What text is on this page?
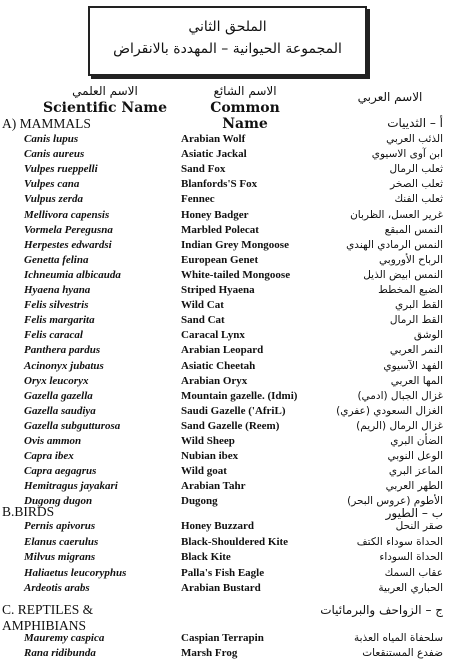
الملحق الثاني
المجموعة الحيوانية – المهددة بالانقراض
الاسم العلمي
Scientific Name
الاسم الشائع
Common Name
الاسم العربي
A) MAMMALS	أ – الثدييات
Canis lupus	Arabian Wolf	الذئب العربي
Canis aureus	Asiatic Jackal	ابن آوى الاسيوي
Vulpes rueppelli	Sand Fox	ثعلب الرمال
Vulpes cana	Blanfords'S Fox	ثعلب الصخر
Vulpus zerda	Fennec	ثعلب الفنك
Mellivora capensis	Honey Badger	غرير العسل، الظربان
Vormela Peregusna	Marbled Polecat	النمس المبقع
Herpestes edwardsi	Indian Grey Mongoose	النمس الرمادي الهندي
Genetta felina	European Genet	الرباح الأوروبي
Ichneumia albicauda	White-tailed Mongoose	النمس ابيض الذيل
Hyaena hyana	Striped Hyaena	الضبع المخطط
Felis silvestris	Wild Cat	القط البري
Felis margarita	Sand Cat	القط الرمال
Felis caracal	Caracal Lynx	الوشق
Panthera pardus	Arabian Leopard	النمر العربي
Acinonyx jubatus	Asiatic Cheetah	الفهد الآسيوي
Oryx leucoryx	Arabian Oryx	المها العربي
Gazella gazella	Mountain gazelle. (Idmi)	غزال الجبال (ادمي)
Gazella saudiya	Saudi Gazelle ('AfriL)	الغزال السعودي (عفري)
Gazella subgutturosa	Sand Gazelle (Reem)	غزال الرمال (الريم)
Ovis ammon	Wild Sheep	الضأن البري
Capra ibex	Nubian ibex	الوعل النوبي
Capra aegagrus	Wild goat	الماعز البري
Hemitragus jayakari	Arabian Tahr	الطهر العربي
Dugong dugon	Dugong	الأطوم (عروس البحر)
B.BIRDS	ب – الطيور
Pernis apivorus	Honey Buzzard	صقر النحل
Elanus caerulus	Black-Shouldered Kite	الحداة سوداء الكتف
Milvus migrans	Black Kite	الحداة السوداء
Haliaetus leucoryphus	Palla's Fish Eagle	عقاب السمك
Ardeotis arabs	Arabian Bustard	الحباري العربية
C. REPTILES &
AMPHIBIANS
ج – الزواحف والبرمائيات
Mauremy caspica	Caspian Terrapin	سلحفاة المياه العذبة
Rana ridibunda	Marsh Frog	ضفدع المستنقعات
